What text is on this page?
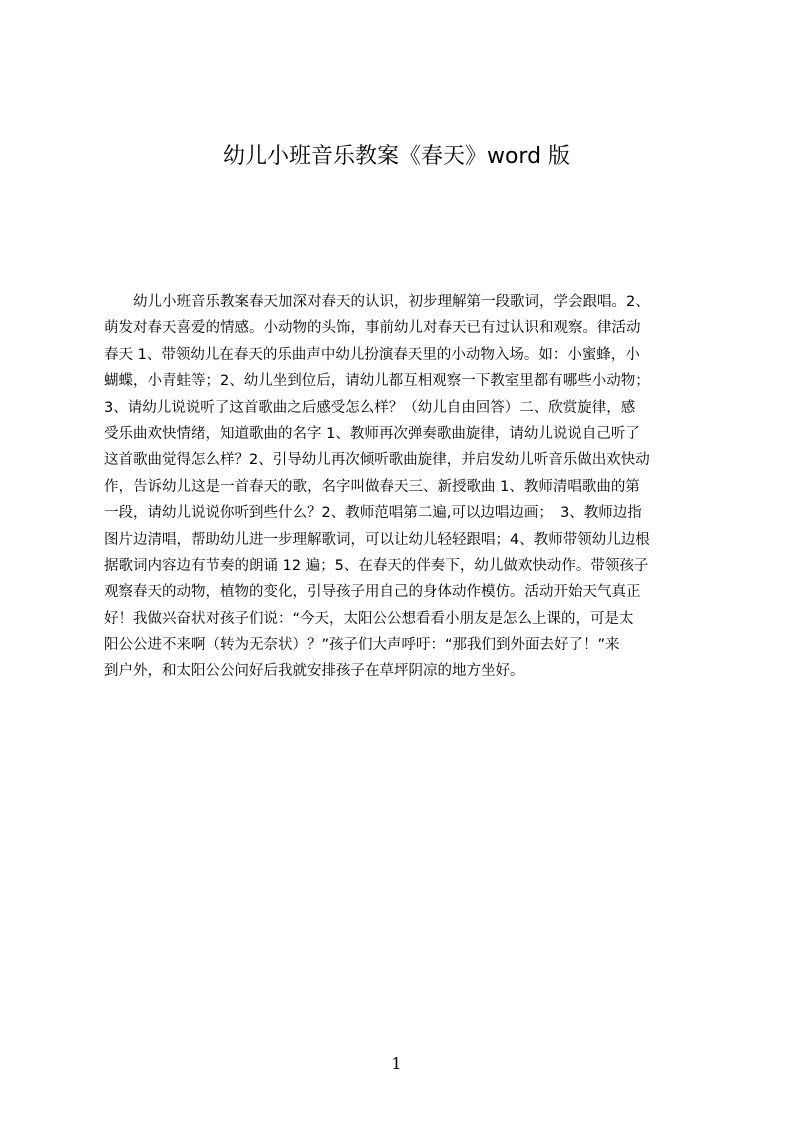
幼儿小班音乐教案《春天》word 版
　　幼儿小班音乐教案春天加深对春天的认识，初步理解第一段歌词，学会跟唱。2、
萌发对春天喜爱的情感。小动物的头饰，事前幼儿对春天已有过认识和观察。律活动
春天 1、带领幼儿在春天的乐曲声中幼儿扮演春天里的小动物入场。如：小蜜蜂，小
蝴蝶，小青蛙等；2、幼儿坐到位后，请幼儿都互相观察一下教室里都有哪些小动物；
3、请幼儿说说听了这首歌曲之后感受怎么样？（幼儿自由回答）二、欣赏旋律，感
受乐曲欢快情绪，知道歌曲的名字 1、教师再次弹奏歌曲旋律，请幼儿说说自己听了
这首歌曲觉得怎么样？2、引导幼儿再次倾听歌曲旋律，并启发幼儿听音乐做出欢快动
作，告诉幼儿这是一首春天的歌，名字叫做春天三、新授歌曲 1、教师清唱歌曲的第
一段，请幼儿说说你听到些什么？2、教师范唱第二遍,可以边唱边画；　3、教师边指
图片边清唱，帮助幼儿进一步理解歌词，可以让幼儿轻轻跟唱；4、教师带领幼儿边根
据歌词内容边有节奏的朗诵 12 遍；5、在春天的伴奏下，幼儿做欢快动作。带领孩子
观察春天的动物，植物的变化，引导孩子用自己的身体动作模仿。活动开始天气真正
好！我做兴奋状对孩子们说：“今天，太阳公公想看看小朋友是怎么上课的，可是太
阳公公进不来啊（转为无奈状）？”孩子们大声呼吁：“那我们到外面去好了！”来
到户外，和太阳公公问好后我就安排孩子在草坪阴凉的地方坐好。
1
